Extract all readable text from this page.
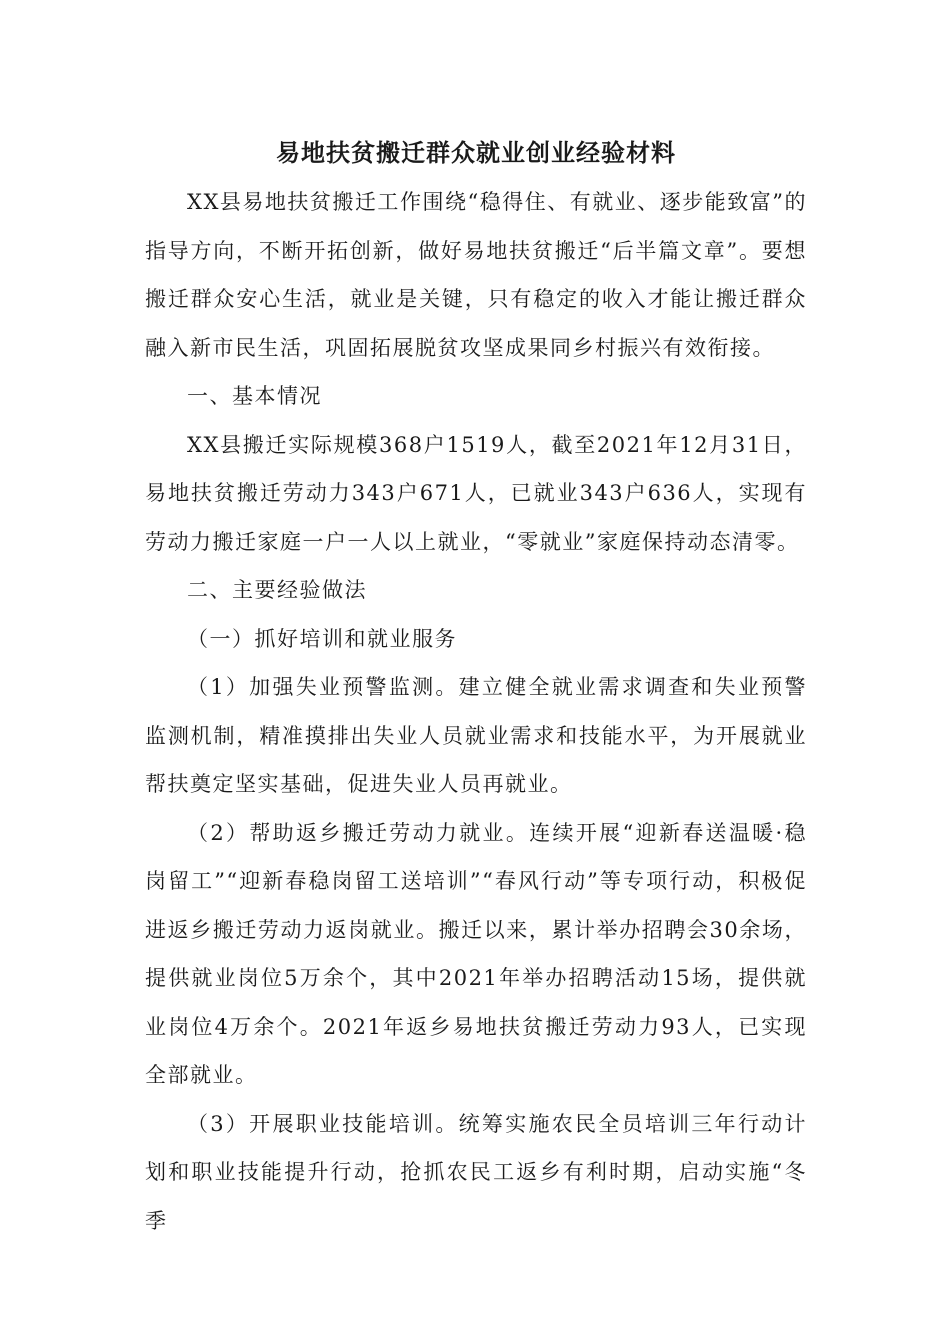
易地扶贫搬迁群众就业创业经验材料

XX县易地扶贫搬迁工作围绕“稳得住、有就业、逐步能致富”的指导方向，不断开拓创新，做好易地扶贫搬迁“后半篇文章”。要想搬迁群众安心生活，就业是关键，只有稳定的收入才能让搬迁群众融入新市民生活，巩固拓展脱贫攻坚成果同乡村振兴有效衔接。

一、基本情况

XX县搬迁实际规模368户1519人，截至2021年12月31日，易地扶贫搬迁劳动力343户671人，已就业343户636人，实现有劳动力搬迁家庭一户一人以上就业，“零就业”家庭保持动态清零。

二、主要经验做法

（一）抓好培训和就业服务

（1）加强失业预警监测。建立健全就业需求调查和失业预警监测机制，精准摸排出失业人员就业需求和技能水平，为开展就业帮扶奠定坚实基础，促进失业人员再就业。

（2）帮助返乡搬迁劳动力就业。连续开展“迎新春送温暖·稳岗留工”“迎新春稳岗留工送培训”“春风行动”等专项行动，积极促进返乡搬迁劳动力返岗就业。搬迁以来，累计举办招聘会30余场，提供就业岗位5万余个，其中2021年举办招聘活动15场，提供就业岗位4万余个。2021年返乡易地扶贫搬迁劳动力93人，已实现全部就业。

（3）开展职业技能培训。统筹实施农民全员培训三年行动计划和职业技能提升行动，抢抓农民工返乡有利时期，启动实施“冬季
